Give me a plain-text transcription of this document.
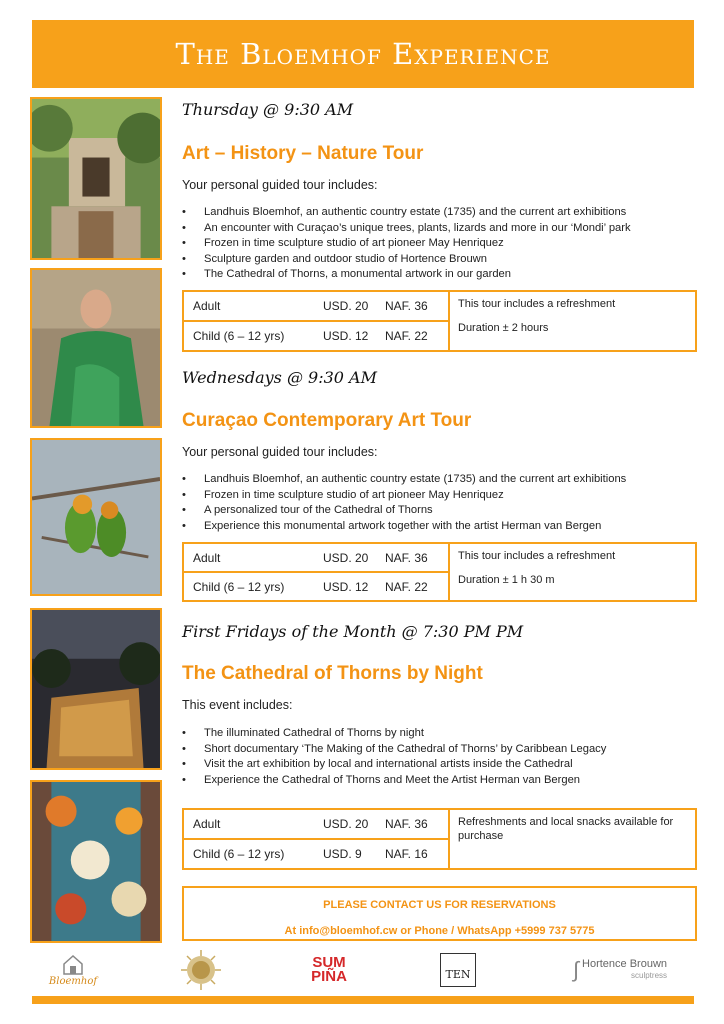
The Bloemhof Experience
Thursday @ 9:30 AM
Art – History – Nature Tour
Your personal guided tour includes:
• Landhuis Bloemhof, an authentic country estate (1735) and the current art exhibitions
• An encounter with Curaçao’s unique trees, plants, lizards and more in our ‘Mondi’ park
• Frozen in time sculpture studio of art pioneer May Henriquez
• Sculpture garden and outdoor studio of Hortence Brouwn
• The Cathedral of Thorns, a monumental artwork in our garden
Adult	USD. 20	NAF. 36
Child (6 – 12 yrs)	USD. 12	NAF. 22
This tour includes a refreshment
Duration ± 2 hours
Wednesdays @ 9:30 AM
Curaçao Contemporary Art Tour
Your personal guided tour includes:
• Landhuis Bloemhof, an authentic country estate (1735) and the current art exhibitions
• Frozen in time sculpture studio of art pioneer May Henriquez
• A personalized tour of the Cathedral of Thorns
• Experience this monumental artwork together with the artist Herman van Bergen
Adult	USD. 20	NAF. 36
Child (6 – 12 yrs)	USD. 12	NAF. 22
This tour includes a refreshment
Duration ± 1 h 30 m
First Fridays of the Month @ 7:30 PM PM
The Cathedral of Thorns by Night
This event includes:
• The illuminated Cathedral of Thorns by night
• Short documentary ‘The Making of the Cathedral of Thorns’ by Caribbean Legacy
• Visit the art exhibition by local and international artists inside the Cathedral
• Experience the Cathedral of Thorns and Meet the Artist Herman van Bergen
Adult	USD. 20	NAF. 36
Child (6 – 12 yrs)	USD. 9	NAF. 16
Refreshments and local snacks available for purchase
PLEASE CONTACT US FOR RESERVATIONS
At info@bloemhof.cw or Phone / WhatsApp +5999 737 5775
Bloemhof
SUM
PIÑA	TEN	∫ Hortence Brouwn
sculptress
